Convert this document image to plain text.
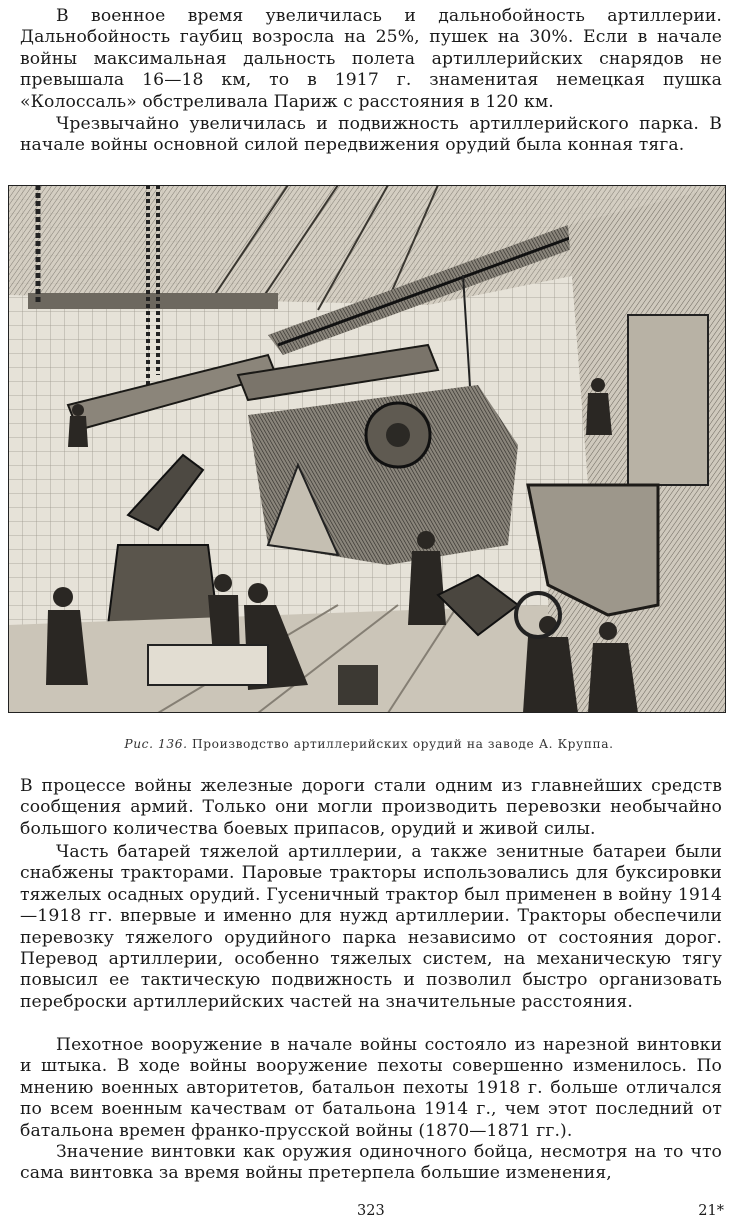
В военное время увеличилась и дальнобойность артиллерии. Дальнобойность гаубиц возросла на 25%, пушек на 30%. Если в начале войны максимальная дальность полета артиллерийских снарядов не превышала 16—18 км, то в 1917 г. знаменитая немецкая пушка «Колоссаль» обстреливала Париж с расстояния в 120 км.

Чрезвычайно увеличилась и подвижность артиллерийского парка. В начале войны основной силой передвижения орудий была конная тяга.

Рис. 136. Производство артиллерийских орудий на заводе А. Круппа.

В процессе войны железные дороги стали одним из главнейших средств сообщения армий. Только они могли производить перевозки необычайно большого количества боевых припасов, орудий и живой силы.

Часть батарей тяжелой артиллерии, а также зенитные батареи были снабжены тракторами. Паровые тракторы использовались для буксировки тяжелых осадных орудий. Гусеничный трактор был применен в войну 1914—1918 гг. впервые и именно для нужд артиллерии. Тракторы обеспечили перевозку тяжелого орудийного парка независимо от состояния дорог. Перевод артиллерии, особенно тяжелых систем, на механическую тягу повысил ее тактическую подвижность и позволил быстро организовать переброски артиллерийских частей на значительные расстояния.

Пехотное вооружение в начале войны состояло из нарезной винтовки и штыка. В ходе войны вооружение пехоты совершенно изменилось. По мнению военных авторитетов, батальон пехоты 1918 г. больше отличался по всем военным качествам от батальона 1914 г., чем этот последний от батальона времен франко-прусской войны (1870—1871 гг.).

Значение винтовки как оружия одиночного бойца, несмотря на то что сама винтовка за время войны претерпела большие изменения,

323	21*
